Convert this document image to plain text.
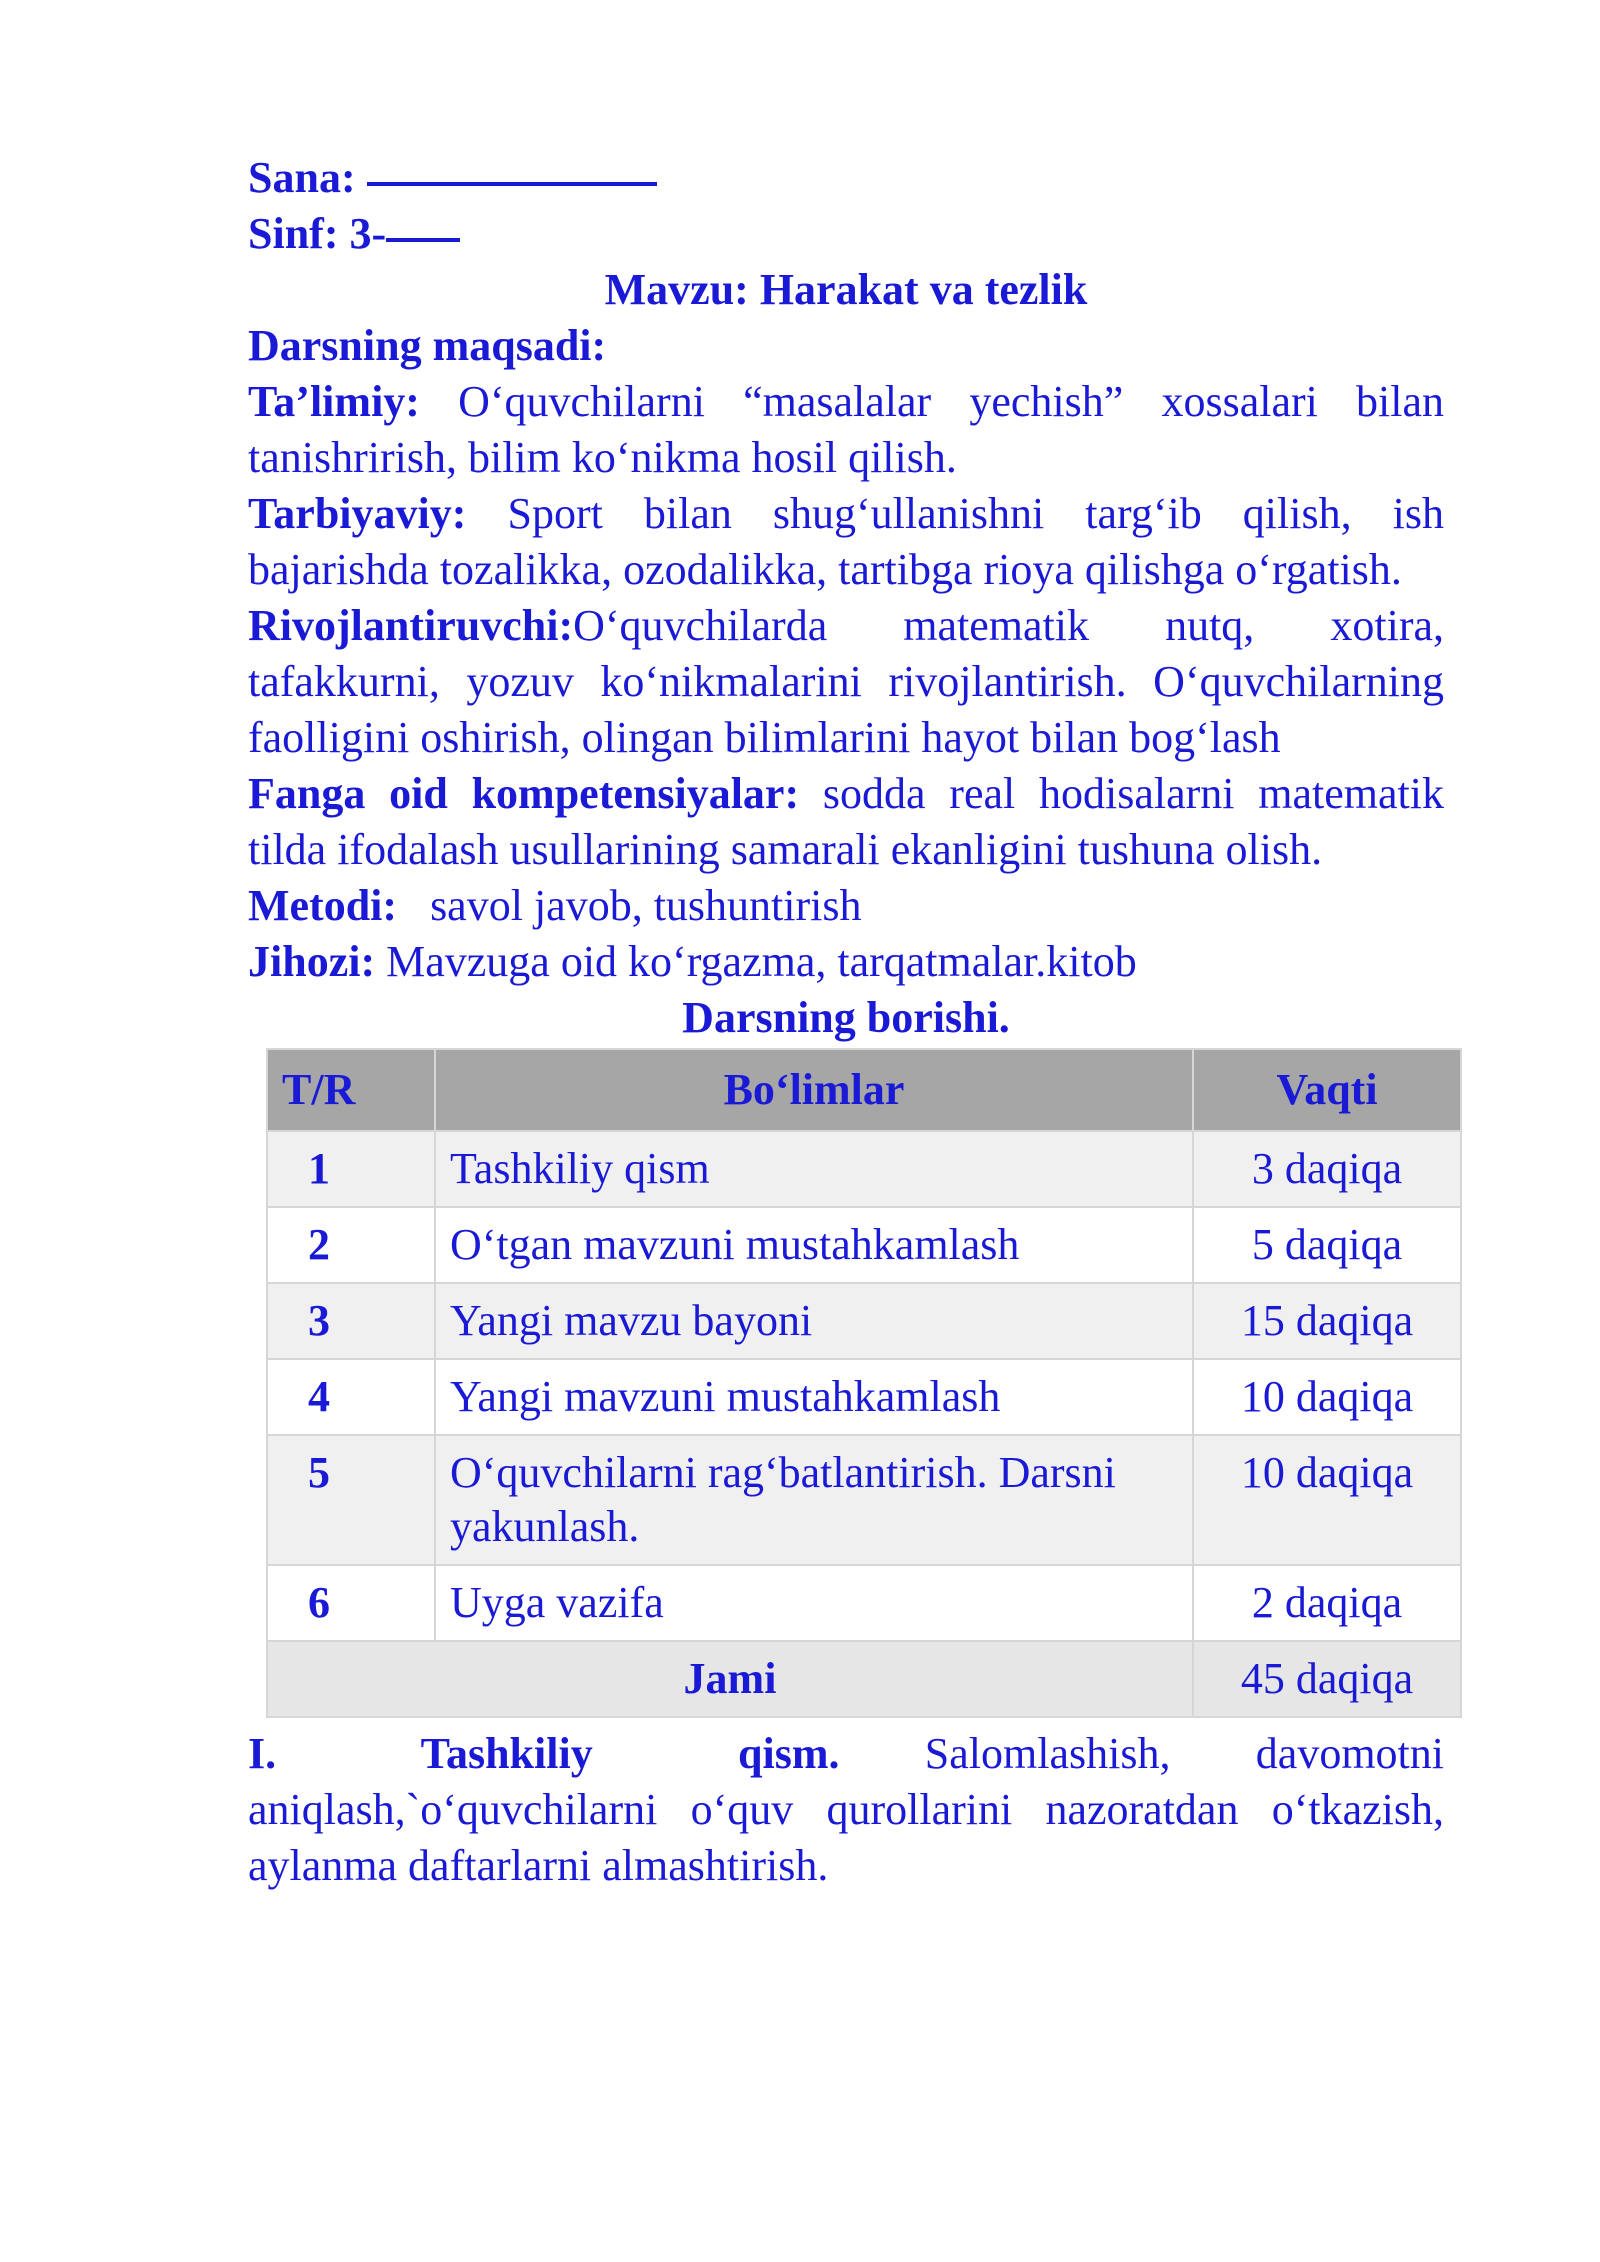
Sana:

Sinf: 3-

Mavzu: Harakat va tezlik

Darsning maqsadi:

Ta’limiy: O‘quvchilarni “masalalar yechish” xossalari bilan tanishrirish, bilim ko‘nikma hosil qilish.

Tarbiyaviy: Sport bilan shug‘ullanishni targ‘ib qilish, ish bajarishda tozalikka, ozodalikka, tartibga rioya qilishga o‘rgatish.

Rivojlantiruvchi:O‘quvchilarda matematik nutq, xotira, tafakkurni, yozuv ko‘nikmalarini rivojlantirish. O‘quvchilarning faolligini oshirish, olingan bilimlarini hayot bilan bog‘lash

Fanga oid kompetensiyalar: sodda real hodisalarni matematik tilda ifodalash usullarining samarali ekanligini tushuna olish.

Metodi: savol javob, tushuntirish

Jihozi: Mavzuga oid ko‘rgazma, tarqatmalar.kitob

Darsning borishi.

T/R	Bo‘limlar	Vaqti
1	Tashkiliy qism	3 daqiqa
2	O‘tgan mavzuni mustahkamlash	5 daqiqa
3	Yangi mavzu bayoni	15 daqiqa
4	Yangi mavzuni mustahkamlash	10 daqiqa
5	O‘quvchilarni rag‘batlantirish. Darsni yakunlash.	10 daqiqa
6	Uyga vazifa	2 daqiqa
Jami		45 daqiqa

I. Tashkiliy qism. Salomlashish, davomotni aniqlash,`o‘quvchilarni o‘quv qurollarini nazoratdan o‘tkazish, aylanma daftarlarni almashtirish.
